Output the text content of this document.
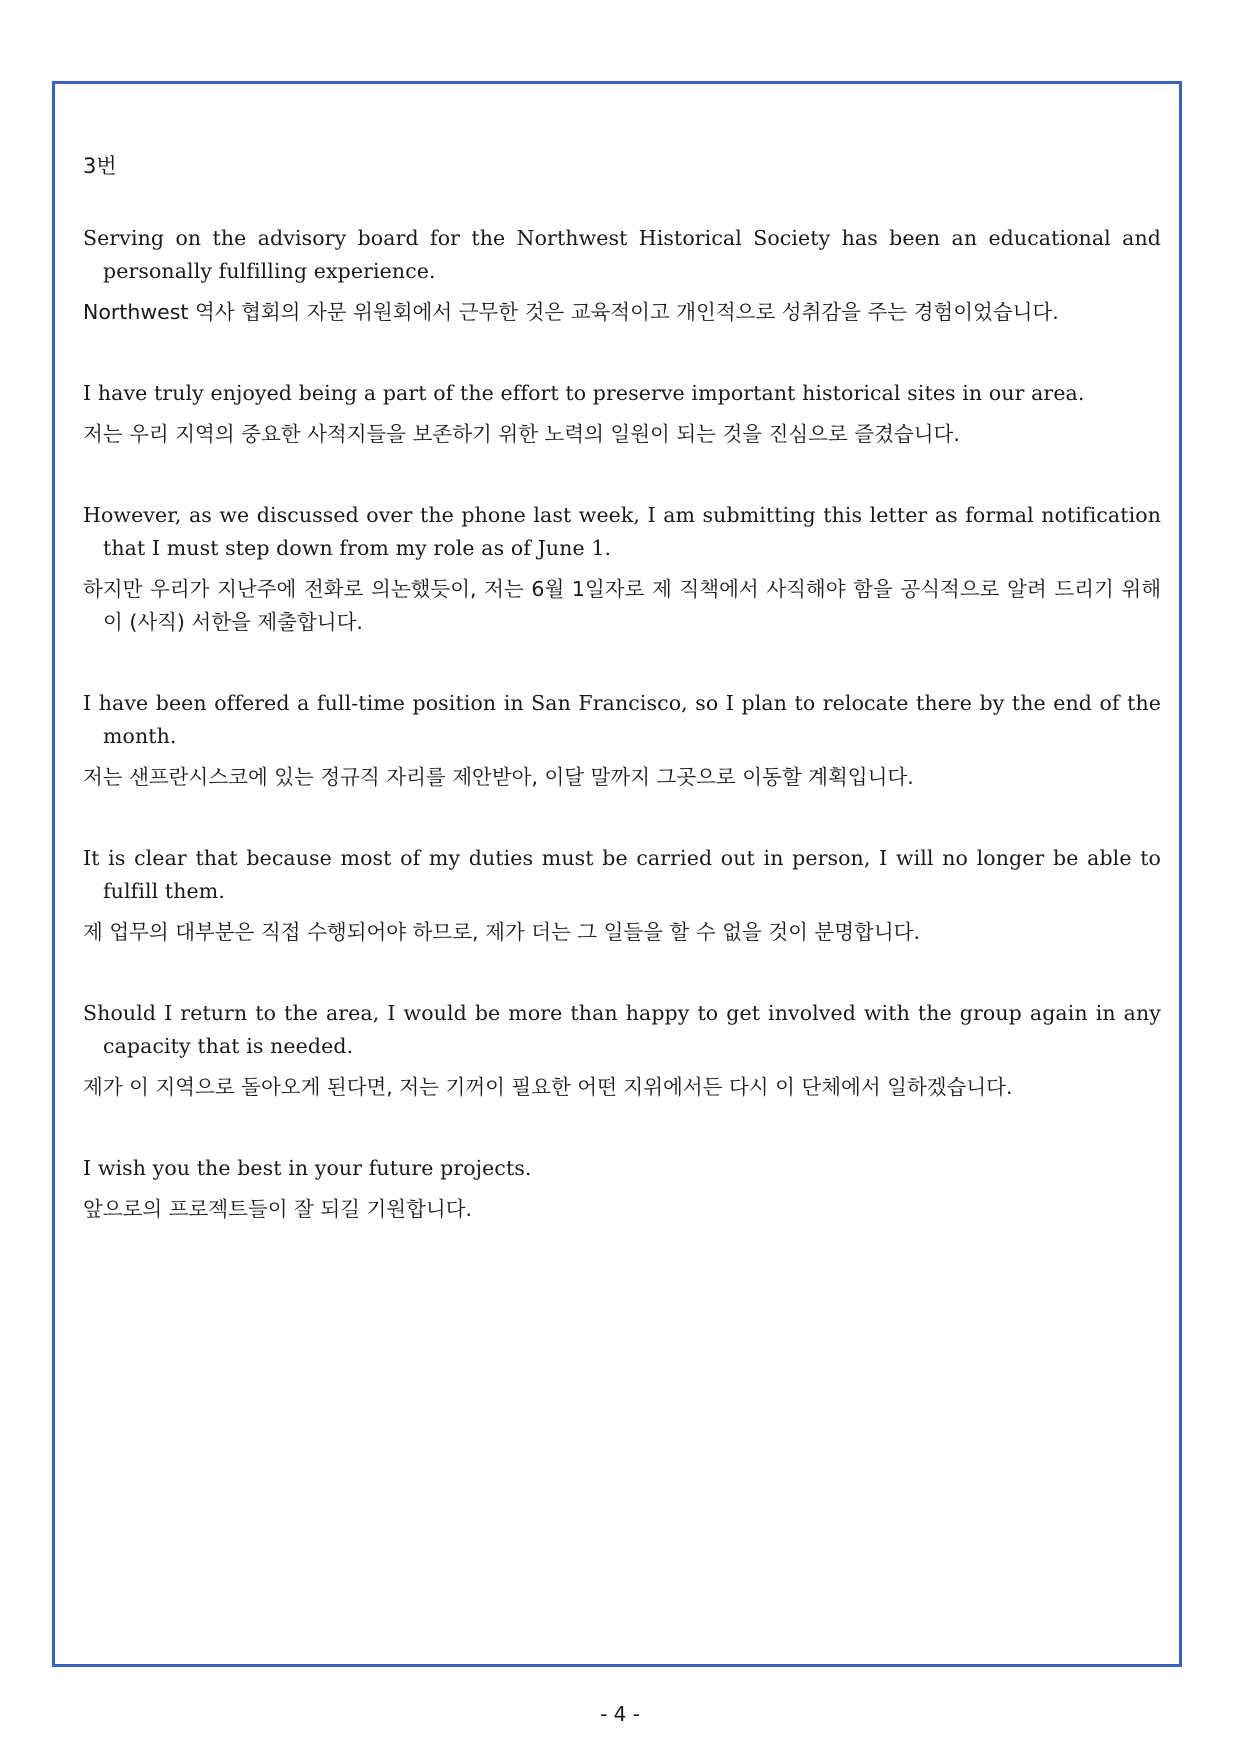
3번

Serving on the advisory board for the Northwest Historical Society has been an educational and personally fulfilling experience.

Northwest 역사 협회의 자문 위원회에서 근무한 것은 교육적이고 개인적으로 성취감을 주는 경험이었습니다.

I have truly enjoyed being a part of the effort to preserve important historical sites in our area.

저는 우리 지역의 중요한 사적지들을 보존하기 위한 노력의 일원이 되는 것을 진심으로 즐겼습니다.

However, as we discussed over the phone last week, I am submitting this letter as formal notification that I must step down from my role as of June 1.

하지만 우리가 지난주에 전화로 의논했듯이, 저는 6월 1일자로 제 직책에서 사직해야 함을 공식적으로 알려 드리기 위해 이 (사직) 서한을 제출합니다.

I have been offered a full-time position in San Francisco, so I plan to relocate there by the end of the month.

저는 샌프란시스코에 있는 정규직 자리를 제안받아, 이달 말까지 그곳으로 이동할 계획입니다.

It is clear that because most of my duties must be carried out in person, I will no longer be able to fulfill them.

제 업무의 대부분은 직접 수행되어야 하므로, 제가 더는 그 일들을 할 수 없을 것이 분명합니다.

Should I return to the area, I would be more than happy to get involved with the group again in any capacity that is needed.

제가 이 지역으로 돌아오게 된다면, 저는 기꺼이 필요한 어떤 지위에서든 다시 이 단체에서 일하겠습니다.

I wish you the best in your future projects.

앞으로의 프로젝트들이 잘 되길 기원합니다.

- 4 -
